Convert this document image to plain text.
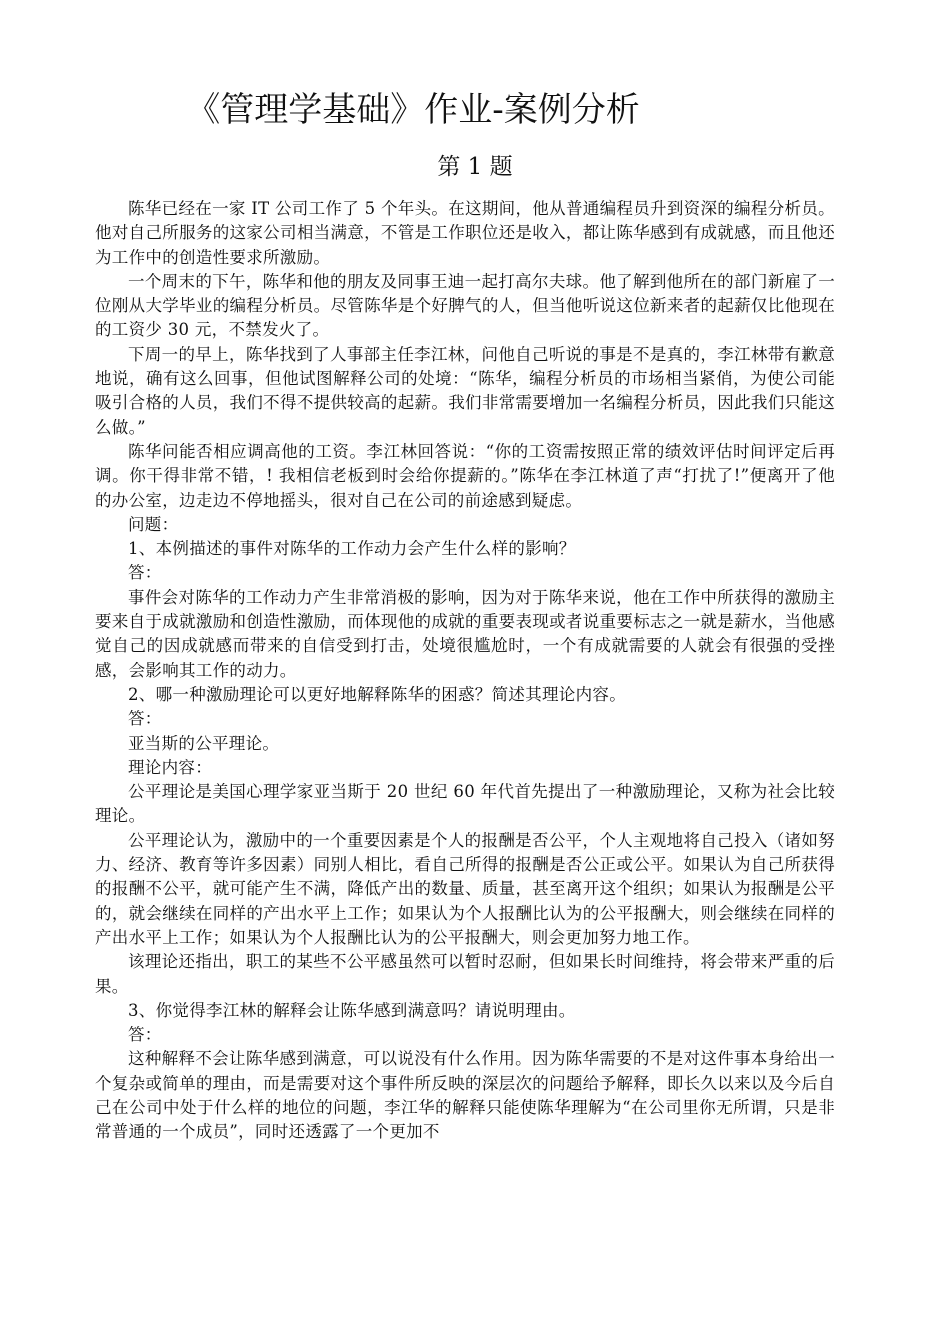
《管理学基础》作业-案例分析
第 1 题

陈华已经在一家 IT 公司工作了 5 个年头。在这期间，他从普通编程员升到资深的编程分析员。他对自己所服务的这家公司相当满意，不管是工作职位还是收入，都让陈华感到有成就感，而且他还为工作中的创造性要求所激励。

一个周末的下午，陈华和他的朋友及同事王迪一起打高尔夫球。他了解到他所在的部门新雇了一位刚从大学毕业的编程分析员。尽管陈华是个好脾气的人，但当他听说这位新来者的起薪仅比他现在的工资少 30 元，不禁发火了。

下周一的早上，陈华找到了人事部主任李江林，问他自己听说的事是不是真的，李江林带有歉意地说，确有这么回事，但他试图解释公司的处境：“陈华，编程分析员的市场相当紧俏，为使公司能吸引合格的人员，我们不得不提供较高的起薪。我们非常需要增加一名编程分析员，因此我们只能这么做。”

陈华问能否相应调高他的工资。李江林回答说：“你的工资需按照正常的绩效评估时间评定后再调。你干得非常不错，! 我相信老板到时会给你提薪的。”陈华在李江林道了声“打扰了!”便离开了他的办公室，边走边不停地摇头，很对自己在公司的前途感到疑虑。

问题：

1、本例描述的事件对陈华的工作动力会产生什么样的影响？

答：

事件会对陈华的工作动力产生非常消极的影响，因为对于陈华来说，他在工作中所获得的激励主要来自于成就激励和创造性激励，而体现他的成就的重要表现或者说重要标志之一就是薪水，当他感觉自己的因成就感而带来的自信受到打击，处境很尴尬时，一个有成就需要的人就会有很强的受挫感，会影响其工作的动力。

2、哪一种激励理论可以更好地解释陈华的困惑？简述其理论内容。

答：

亚当斯的公平理论。

理论内容：

公平理论是美国心理学家亚当斯于 20 世纪 60 年代首先提出了一种激励理论，又称为社会比较理论。

公平理论认为，激励中的一个重要因素是个人的报酬是否公平，个人主观地将自己投入（诸如努力、经济、教育等许多因素）同别人相比，看自己所得的报酬是否公正或公平。如果认为自己所获得的报酬不公平，就可能产生不满，降低产出的数量、质量，甚至离开这个组织；如果认为报酬是公平的，就会继续在同样的产出水平上工作；如果认为个人报酬比认为的公平报酬大，则会继续在同样的产出水平上工作；如果认为个人报酬比认为的公平报酬大，则会更加努力地工作。

该理论还指出，职工的某些不公平感虽然可以暂时忍耐，但如果长时间维持，将会带来严重的后果。

3、你觉得李江林的解释会让陈华感到满意吗？请说明理由。

答：

这种解释不会让陈华感到满意，可以说没有什么作用。因为陈华需要的不是对这件事本身给出一个复杂或简单的理由，而是需要对这个事件所反映的深层次的问题给予解释，即长久以来以及今后自己在公司中处于什么样的地位的问题，李江华的解释只能使陈华理解为“在公司里你无所谓，只是非常普通的一个成员”，同时还透露了一个更加不
